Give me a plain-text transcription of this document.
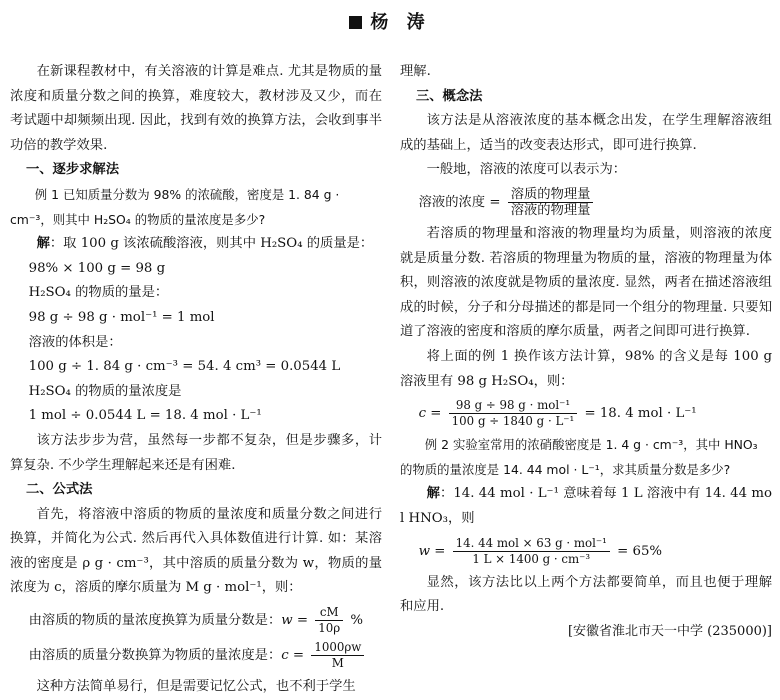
杨 涛

在新课程教材中，有关溶液的计算是难点. 尤其是物质的量浓度和质量分数之间的换算，难度较大，教材涉及又少，而在考试题中却频频出现. 因此，找到有效的换算方法，会收到事半功倍的教学效果.

一、逐步求解法

例 1 已知质量分数为 98% 的浓硫酸，密度是 1. 84 g · cm⁻³，则其中 H₂SO₄ 的物质的量浓度是多少?

解：取 100 g 该浓硫酸溶液，则其中 H₂SO₄ 的质量是：

98% × 100 g = 98 g

H₂SO₄ 的物质的量是：

98 g ÷ 98 g · mol⁻¹ = 1 mol

溶液的体积是：

100 g ÷ 1. 84 g · cm⁻³ = 54. 4 cm³ = 0.0544 L

H₂SO₄ 的物质的量浓度是

1 mol ÷ 0.0544 L = 18. 4 mol · L⁻¹

该方法步步为营，虽然每一步都不复杂，但是步骤多，计算复杂. 不少学生理解起来还是有困难.

二、公式法

首先，将溶液中溶质的物质的量浓度和质量分数之间进行换算，并简化为公式. 然后再代入具体数值进行计算. 如：某溶液的密度是 ρ g · cm⁻³，其中溶质的质量分数为 w，物质的量浓度为 c，溶质的摩尔质量为 M g · mol⁻¹，则：

由溶质的物质的量浓度换算为质量分数是：$w = \frac{cM}{10\rho}$ %

由溶质的质量分数换算为物质的量浓度是：$c = \frac{1000\rho w}{M}$

这种方法简单易行，但是需要记忆公式，也不利于学生

理解.

三、概念法

该方法是从溶液浓度的基本概念出发，在学生理解溶液组成的基础上，适当的改变表达形式，即可进行换算.

一般地，溶液的浓度可以表示为：

溶液的浓度 = $\frac{\text{溶质的物理量}}{\text{溶液的物理量}}$

若溶质的物理量和溶液的物理量均为质量，则溶液的浓度就是质量分数. 若溶质的物理量为物质的量，溶液的物理量为体积，则溶液的浓度就是物质的量浓度. 显然，两者在描述溶液组成的时候，分子和分母描述的都是同一个组分的物理量. 只要知道了溶液的密度和溶质的摩尔质量，两者之间即可进行换算.

将上面的例 1 换作该方法计算，98% 的含义是每 100 g 溶液里有 98 g H₂SO₄，则：

$c = \frac{\text{98 g ÷ 98 g · mol⁻¹}}{\text{100 g ÷ 1840 g · L⁻¹}} = 18$. 4 mol · L⁻¹

例 2 实验室常用的浓硝酸密度是 1. 4 g · cm⁻³，其中 HNO₃ 的物质的量浓度是 14. 44 mol · L⁻¹，求其质量分数是多少?

解：14. 44 mol · L⁻¹ 意味着每 1 L 溶液中有 14. 44 mol HNO₃，则

$w = \frac{\text{14. 44 mol × 63 g · mol⁻¹}}{\text{1 L × 1400 g · cm⁻³}} = 65\%$

显然，该方法比以上两个方法都要简单，而且也便于理解和应用.

[安徽省淮北市天一中学 (235000)]
